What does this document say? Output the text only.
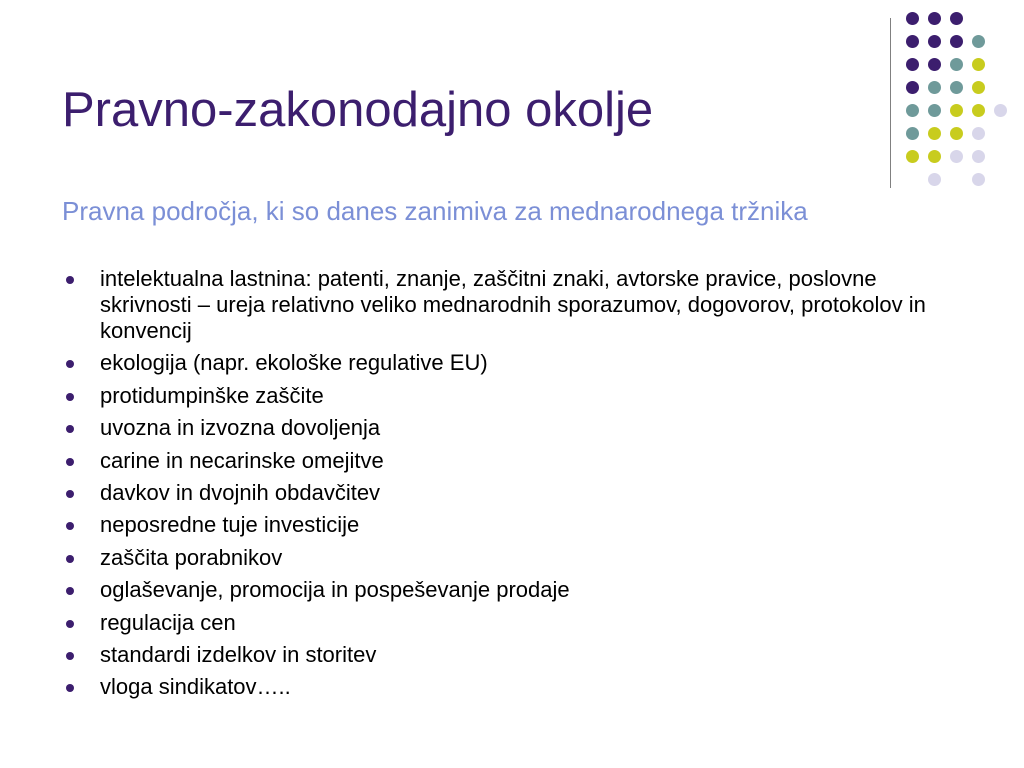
Pravno-zakonodajno okolje

Pravna področja, ki so danes zanimiva za mednarodnega tržnika

intelektualna lastnina: patenti, znanje, zaščitni znaki, avtorske pravice, poslovne skrivnosti – ureja relativno veliko mednarodnih sporazumov, dogovorov, protokolov in konvencij
ekologija (napr. ekološke regulative EU)
protidumpinške zaščite
uvozna in izvozna dovoljenja
carine in necarinske omejitve
davkov in dvojnih obdavčitev
neposredne tuje investicije
zaščita porabnikov
oglaševanje, promocija in pospeševanje prodaje
regulacija cen
standardi izdelkov in storitev
vloga sindikatov…..
